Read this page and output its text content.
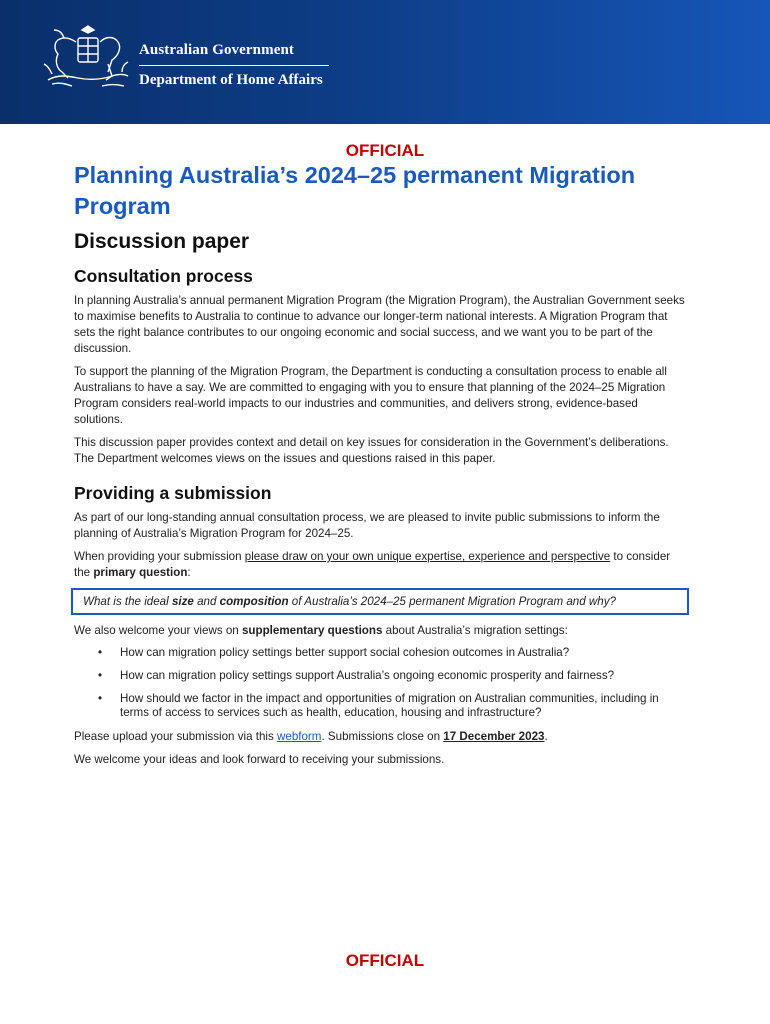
Australian Government
Department of Home Affairs
OFFICIAL
Planning Australia’s 2024–25 permanent Migration Program
Discussion paper
Consultation process

In planning Australia’s annual permanent Migration Program (the Migration Program), the Australian Government seeks to maximise benefits to Australia to continue to advance our longer-term national interests. A Migration Program that sets the right balance contributes to our ongoing economic and social success, and we want you to be part of the discussion.

To support the planning of the Migration Program, the Department is conducting a consultation process to enable all Australians to have a say. We are committed to engaging with you to ensure that planning of the 2024–25 Migration Program considers real-world impacts to our industries and communities, and delivers strong, evidence-based solutions.

This discussion paper provides context and detail on key issues for consideration in the Government’s deliberations. The Department welcomes views on the issues and questions raised in this paper.

Providing a submission

As part of our long-standing annual consultation process, we are pleased to invite public submissions to inform the planning of Australia’s Migration Program for 2024–25.

When providing your submission please draw on your own unique expertise, experience and perspective to consider the primary question:

What is the ideal size and composition of Australia’s 2024–25 permanent Migration Program and why?

We also welcome your views on supplementary questions about Australia’s migration settings:

• How can migration policy settings better support social cohesion outcomes in Australia?
• How can migration policy settings support Australia’s ongoing economic prosperity and fairness?
• How should we factor in the impact and opportunities of migration on Australian communities, including in terms of access to services such as health, education, housing and infrastructure?

Please upload your submission via this webform. Submissions close on 17 December 2023.

We welcome your ideas and look forward to receiving your submissions.

OFFICIAL
